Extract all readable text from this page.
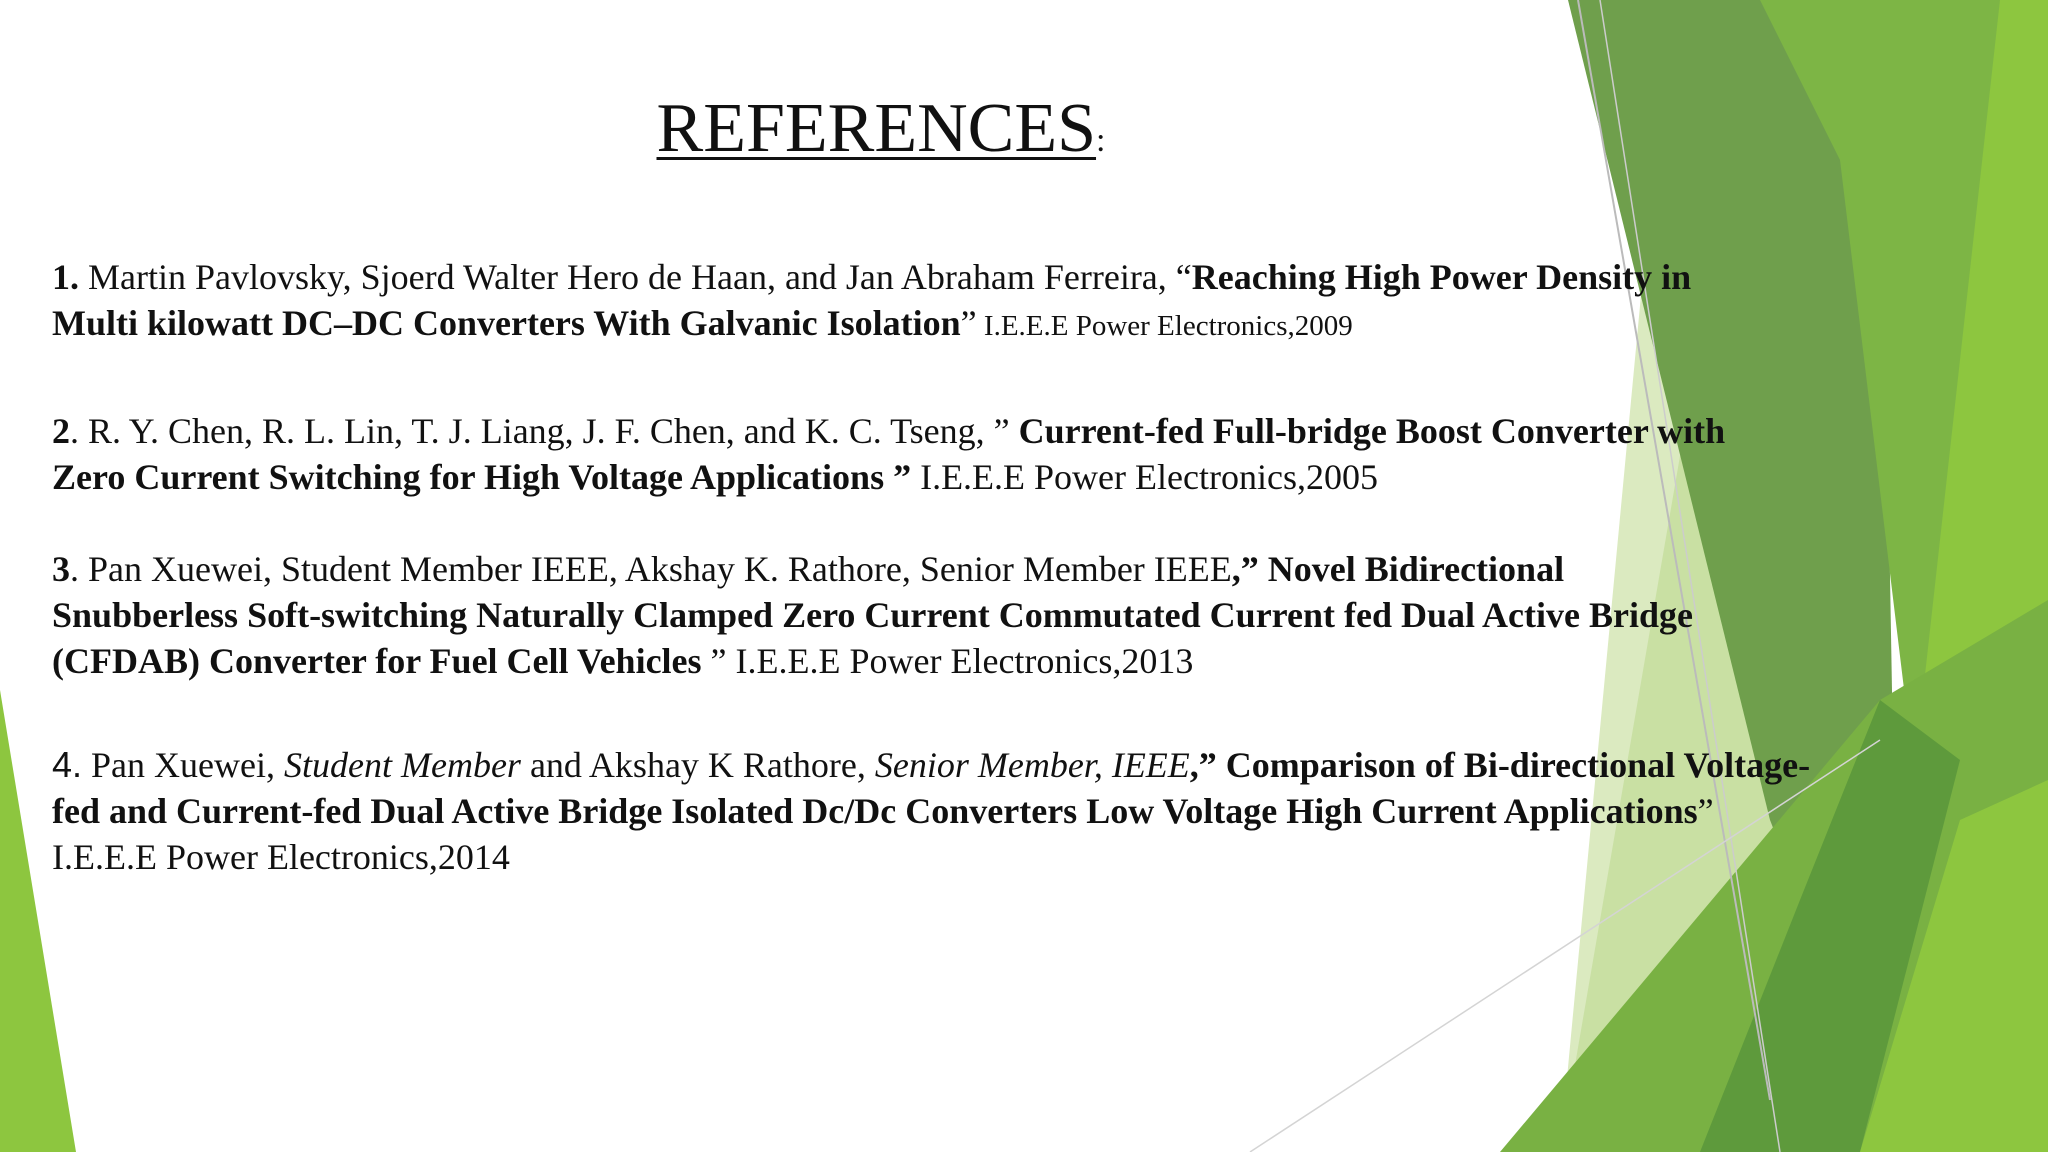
REFERENCES:
1. Martin Pavlovsky, Sjoerd Walter Hero de Haan, and Jan Abraham Ferreira, “Reaching High Power Density in Multi kilowatt DC–DC Converters With Galvanic Isolation” I.E.E.E Power Electronics,2009
2. R. Y. Chen, R. L. Lin, T. J. Liang, J. F. Chen, and K. C. Tseng, ” Current-fed Full-bridge Boost Converter with Zero Current Switching for High Voltage Applications ” I.E.E.E Power Electronics,2005
3. Pan Xuewei, Student Member IEEE, Akshay K. Rathore, Senior Member IEEE,” Novel Bidirectional Snubberless Soft-switching Naturally Clamped Zero Current Commutated Current fed Dual Active Bridge (CFDAB) Converter for Fuel Cell Vehicles ” I.E.E.E Power Electronics,2013
4. Pan Xuewei, Student Member and Akshay K Rathore, Senior Member, IEEE,” Comparison of Bi-directional Voltage-fed and Current-fed Dual Active Bridge Isolated Dc/Dc Converters Low Voltage High Current Applications” I.E.E.E Power Electronics,2014
